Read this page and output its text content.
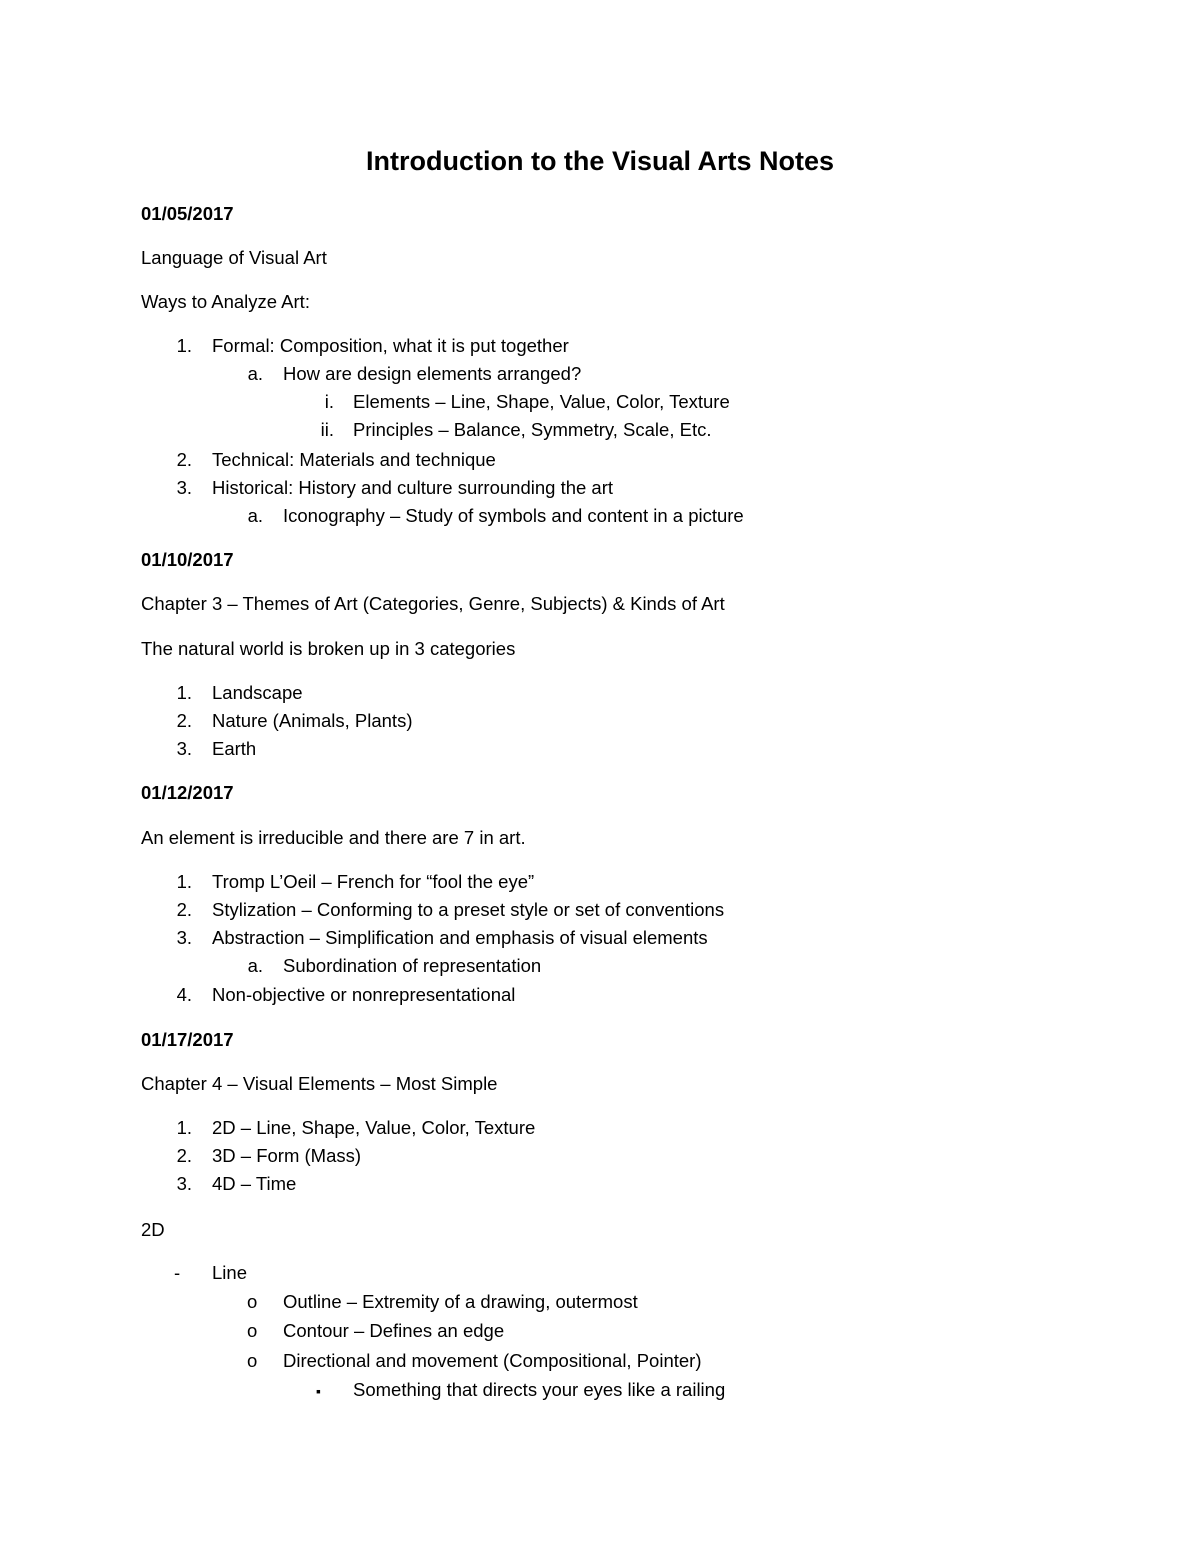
Introduction to the Visual Arts Notes
01/05/2017
Language of Visual Art
Ways to Analyze Art:
1. Formal: Composition, what it is put together
a. How are design elements arranged?
i. Elements – Line, Shape, Value, Color, Texture
ii. Principles – Balance, Symmetry, Scale, Etc.
2. Technical: Materials and technique
3. Historical: History and culture surrounding the art
a. Iconography – Study of symbols and content in a picture
01/10/2017
Chapter 3 – Themes of Art (Categories, Genre, Subjects) & Kinds of Art
The natural world is broken up in 3 categories
1. Landscape
2. Nature (Animals, Plants)
3. Earth
01/12/2017
An element is irreducible and there are 7 in art.
1. Tromp L’Oeil – French for “fool the eye”
2. Stylization – Conforming to a preset style or set of conventions
3. Abstraction – Simplification and emphasis of visual elements
a. Subordination of representation
4. Non-objective or nonrepresentational
01/17/2017
Chapter 4 – Visual Elements – Most Simple
1. 2D – Line, Shape, Value, Color, Texture
2. 3D – Form (Mass)
3. 4D – Time
2D
- Line
o Outline – Extremity of a drawing, outermost
o Contour – Defines an edge
o Directional and movement (Compositional, Pointer)
▪ Something that directs your eyes like a railing
